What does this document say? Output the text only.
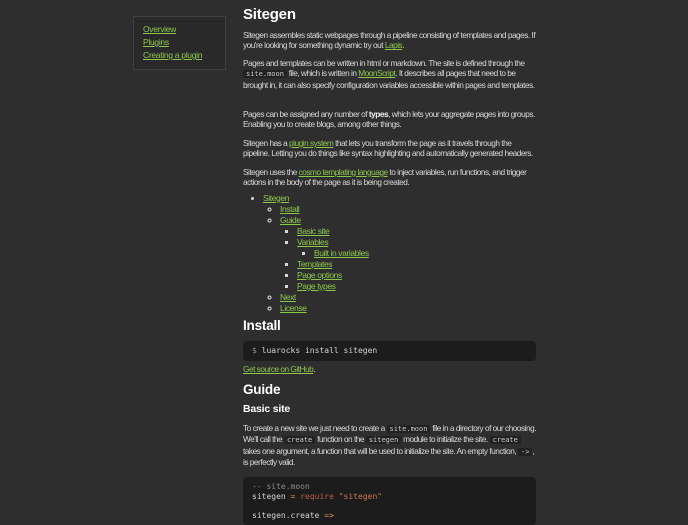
Overview
Plugins
Creating a plugin
Sitegen

Sitegen assembles static webpages through a pipeline consisting of templates and pages. If you're looking for something dynamic try out Lapis.

Pages and templates can be written in html or markdown. The site is defined through the site.moon file, which is written in MoonScript. It describes all pages that need to be brought in, it can also specify configuration variables accessible within pages and templates.

Pages can be assigned any number of types, which lets your aggregate pages into groups. Enabling you to create blogs, among other things.

Sitegen has a plugin system that lets you transform the page as it travels through the pipeline. Letting you do things like syntax highlighting and automatically generated headers.

Sitegen uses the cosmo templating language to inject variables, run functions, and trigger actions in the body of the page as it is being created.

• Sitegen
◦ Install
◦ Guide
▪ Basic site
▪ Variables
▪ Built in variables
▪ Templates
▪ Page options
▪ Page types
◦ Next
◦ License
Install
$ luarocks install sitegen

Get source on GitHub.

Guide
Basic site

To create a new site we just need to create a site.moon file in a directory of our choosing. We'll call the create function on the sitegen module to initialize the site. create takes one argument, a function that will be used to initialize the site. An empty function, -> , is perfectly valid.

-- site.moon
sitegen = require "sitegen"

sitegen.create =>
